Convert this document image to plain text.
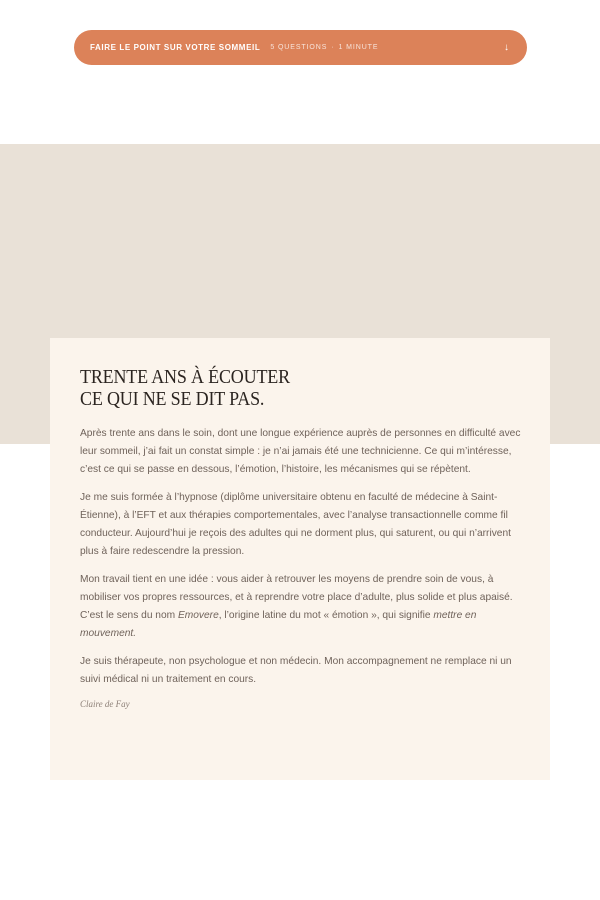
FAIRE LE POINT SUR VOTRE SOMMEIL 5 QUESTIONS · 1 MINUTE	↓
TRENTE ANS À ÉCOUTER
CE QUI NE SE DIT PAS.

Après trente ans dans le soin, dont une longue expérience auprès de personnes en difficulté avec leur sommeil, j’ai fait un constat simple : je n’ai jamais été une technicienne. Ce qui m’intéresse, c’est ce qui se passe en dessous, l’émotion, l’histoire, les mécanismes qui se répètent.

Je me suis formée à l’hypnose (diplôme universitaire obtenu en faculté de médecine à Saint-Étienne), à l’EFT et aux thérapies comportementales, avec l’analyse transactionnelle comme fil conducteur. Aujourd’hui je reçois des adultes qui ne dorment plus, qui saturent, ou qui n’arrivent plus à faire redescendre la pression.

Mon travail tient en une idée : vous aider à retrouver les moyens de prendre soin de vous, à mobiliser vos propres ressources, et à reprendre votre place d’adulte, plus solide et plus apaisé. C’est le sens du nom Emovere, l’origine latine du mot « émotion », qui signifie mettre en mouvement.

Je suis thérapeute, non psychologue et non médecin. Mon accompagnement ne remplace ni un suivi médical ni un traitement en cours.

Claire de Fay
